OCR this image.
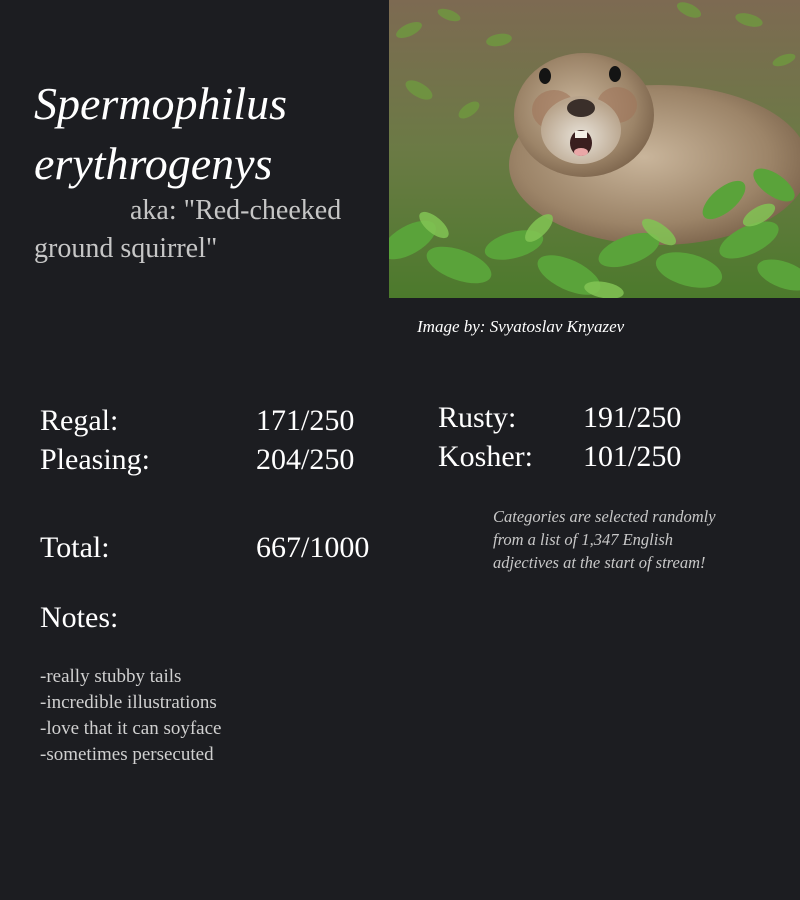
Spermophilus erythrogenys

aka: "Red-cheeked ground squirrel"

Image by: Svyatoslav Knyazev

Regal:	171/250
Pleasing:	204/250
Rusty: 191/250
Kosher: 101/250
Total:	667/1000

Categories are selected randomly from a list of 1,347 English adjectives at the start of stream!

Notes:
-really stubby tails
-incredible illustrations
-love that it can soyface
-sometimes persecuted
